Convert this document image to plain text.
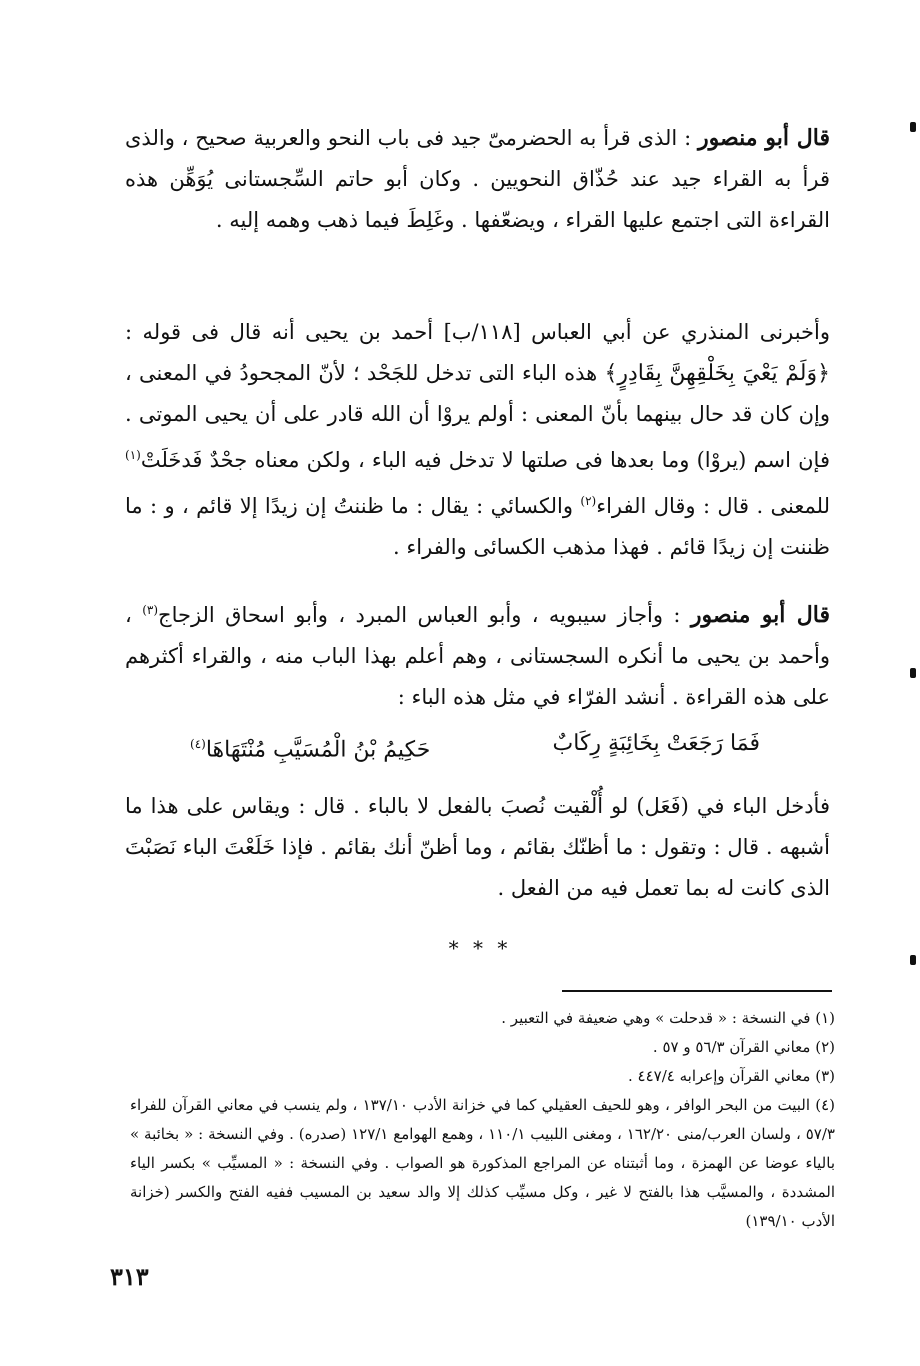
قال أبو منصور : الذى قرأ به الحضرمىّ جيد فى باب النحو والعربية صحيح ، والذى قرأ به القراء جيد عند حُذّاق النحويين . وكان أبو حاتم السِّجستانى يُوَهِّن هذه القراءة التى اجتمع عليها القراء ، ويضعّفها . وغَلِطَ فيما ذهب وهمه إليه .
وأخبرنى المنذري عن أبي العباس [١١٨/ب] أحمد بن يحيى أنه قال فى قوله : ﴿وَلَمْ يَعْيَ بِخَلْقِهِنَّ بِقَادِرٍ﴾ هذه الباء التى تدخل للجَحْد ؛ لأنّ المجحودُ في المعنى ، وإن كان قد حال بينهما بأنّ المعنى : أولم يروْا أن الله قادر على أن يحيى الموتى . فإن اسم (يروْا) وما بعدها فى صلتها لا تدخل فيه الباء ، ولكن معناه جحْدٌ فَدخَلَتْ$^{(١)}$ للمعنى . قال : وقال الفراء$^{(٢)}$ والكسائي : يقال : ما ظننتُ إن زيدًا إلا قائم ، و : ما ظننت إن زيدًا قائم . فهذا مذهب الكسائى والفراء .
قال أبو منصور : وأجاز سيبويه ، وأبو العباس المبرد ، وأبو اسحاق الزجاج$^{(٣)}$ ، وأحمد بن يحيى ما أنكره السجستانى ، وهم أعلم بهذا الباب منه ، والقراء أكثرهم على هذه القراءة . أنشد الفرّاء في مثل هذه الباء :
فَمَا رَجَعَتْ بِخَائِبَةٍ رِكَابٌ
حَكِيمُ بْنُ الْمُسَيَّبِ مُنْتَهَاهَا$^{(٤)}$
فأدخل الباء في (فَعَل) لو أُلْقيت نُصبَ بالفعل لا بالباء . قال : ويقاس على هذا ما أشبهه . قال : وتقول : ما أظنّك بقائم ، وما أظنّ أنك بقائم . فإذا خَلَعْتَ الباء نَصَبْتَ الذى كانت له بما تعمل فيه من الفعل .
* * *

(١) في النسخة : « قدحلت » وهي ضعيفة في التعبير .

(٢) معاني القرآن ٥٦/٣ و ٥٧ .

(٣) معاني القرآن وإعرابه ٤٤٧/٤ .

(٤) البيت من البحر الوافر ، وهو للحيف العقيلي كما في خزانة الأدب ١٣٧/١٠ ، ولم ينسب في معاني القرآن للفراء ٥٧/٣ ، ولسان العرب/منى ١٦٢/٢٠ ، ومغنى اللبيب ١١٠/١ ، وهمع الهوامع ١٢٧/١ (صدره) . وفي النسخة : « بخائبة » بالياء عوضا عن الهمزة ، وما أثبتناه عن المراجع المذكورة هو الصواب . وفي النسخة : « المسيِّب » بكسر الياء المشددة ، والمسيَّب هذا بالفتح لا غير ، وكل مسيِّب كذلك إلا والد سعيد بن المسيب ففيه الفتح والكسر (خزانة الأدب ١٣٩/١٠)

٣١٣
